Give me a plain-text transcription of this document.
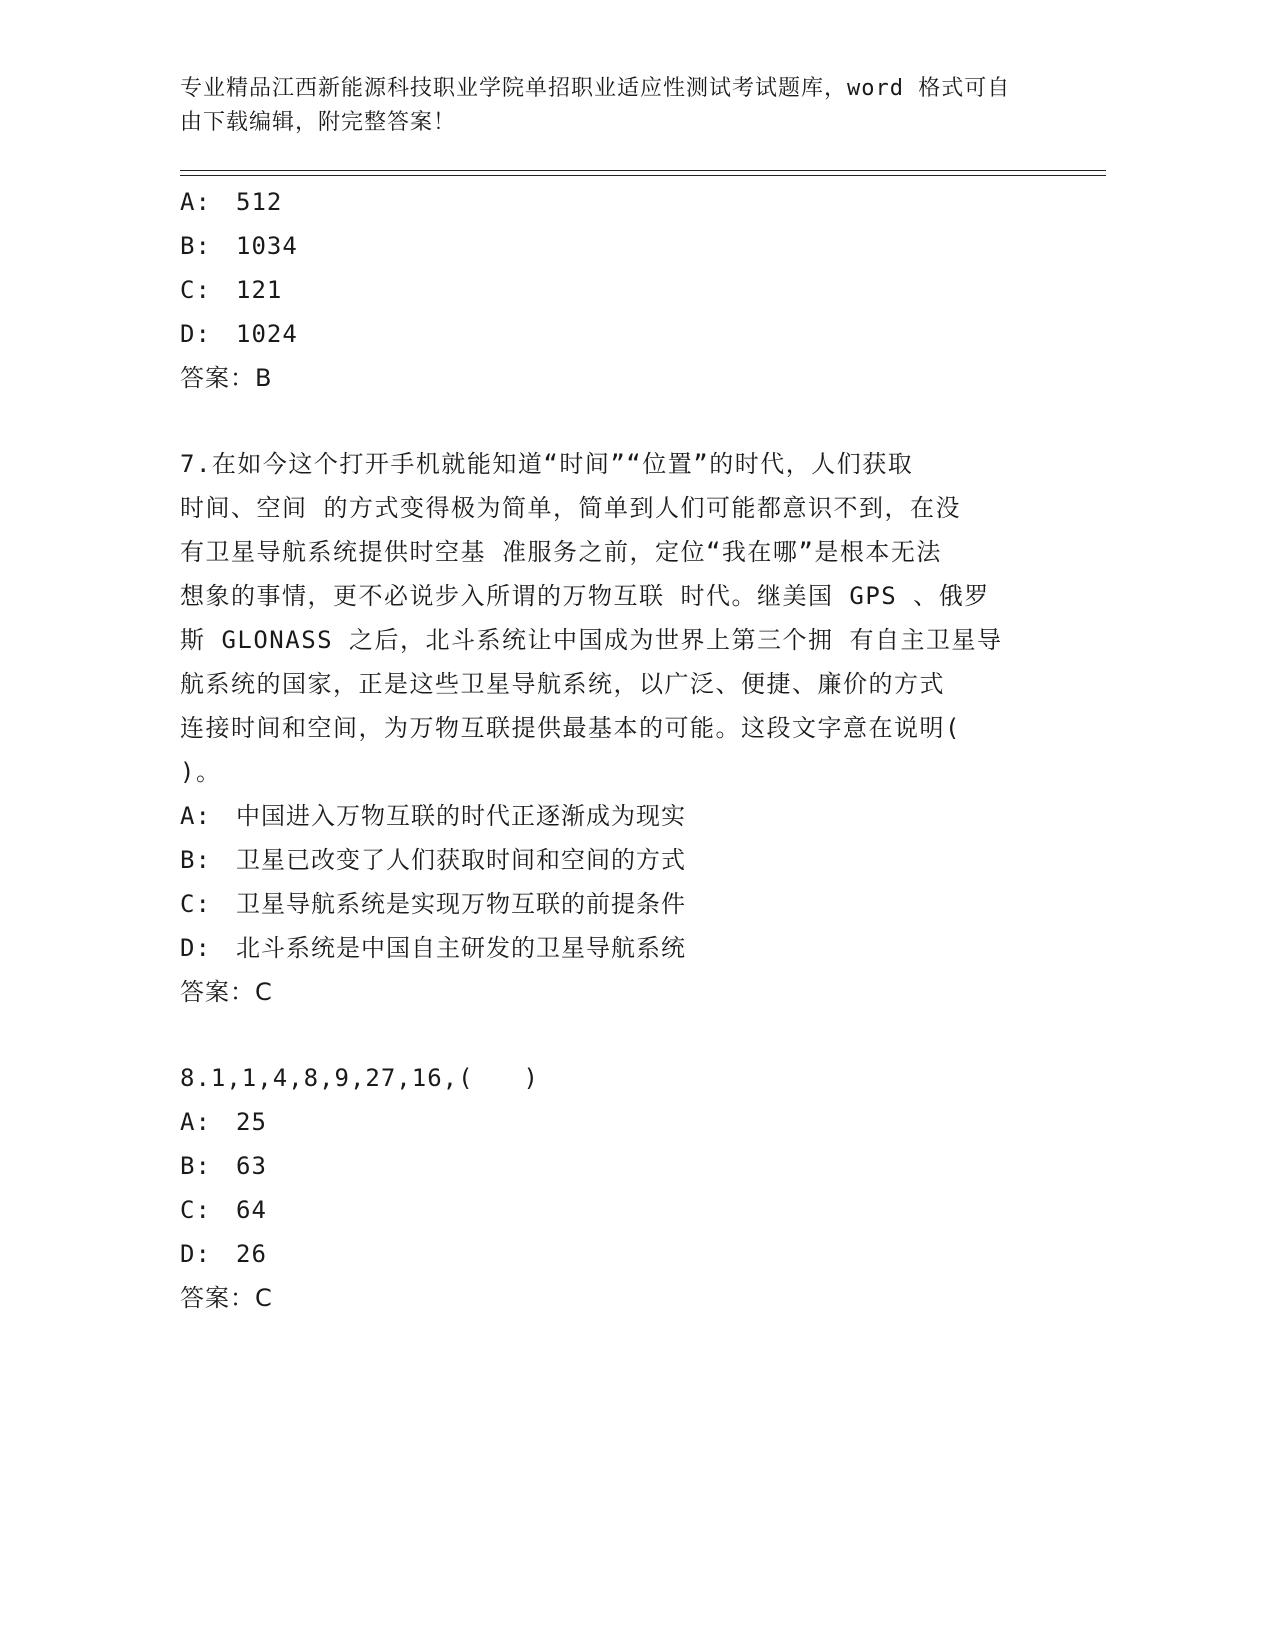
专业精品江西新能源科技职业学院单招职业适应性测试考试题库，word 格式可自
由下载编辑，附完整答案！
A:	512
B:	1034
C:	121
D:	1024
答案：B
7.在如今这个打开手机就能知道“时间”“位置”的时代，人们获取
时间、空间 的方式变得极为简单，简单到人们可能都意识不到，在没
有卫星导航系统提供时空基 准服务之前，定位“我在哪”是根本无法
想象的事情，更不必说步入所谓的万物互联 时代。继美国 GPS 、俄罗
斯 GLONASS 之后，北斗系统让中国成为世界上第三个拥 有自主卫星导
航系统的国家，正是这些卫星导航系统，以广泛、便捷、廉价的方式
连接时间和空间，为万物互联提供最基本的可能。这段文字意在说明(
)。
A:	中国进入万物互联的时代正逐渐成为现实
B:	卫星已改变了人们获取时间和空间的方式
C:	卫星导航系统是实现万物互联的前提条件
D:	北斗系统是中国自主研发的卫星导航系统
答案：C
8.1,1,4,8,9,27,16,(　　)
A:	25
B:	63
C:	64
D:	26
答案：C
